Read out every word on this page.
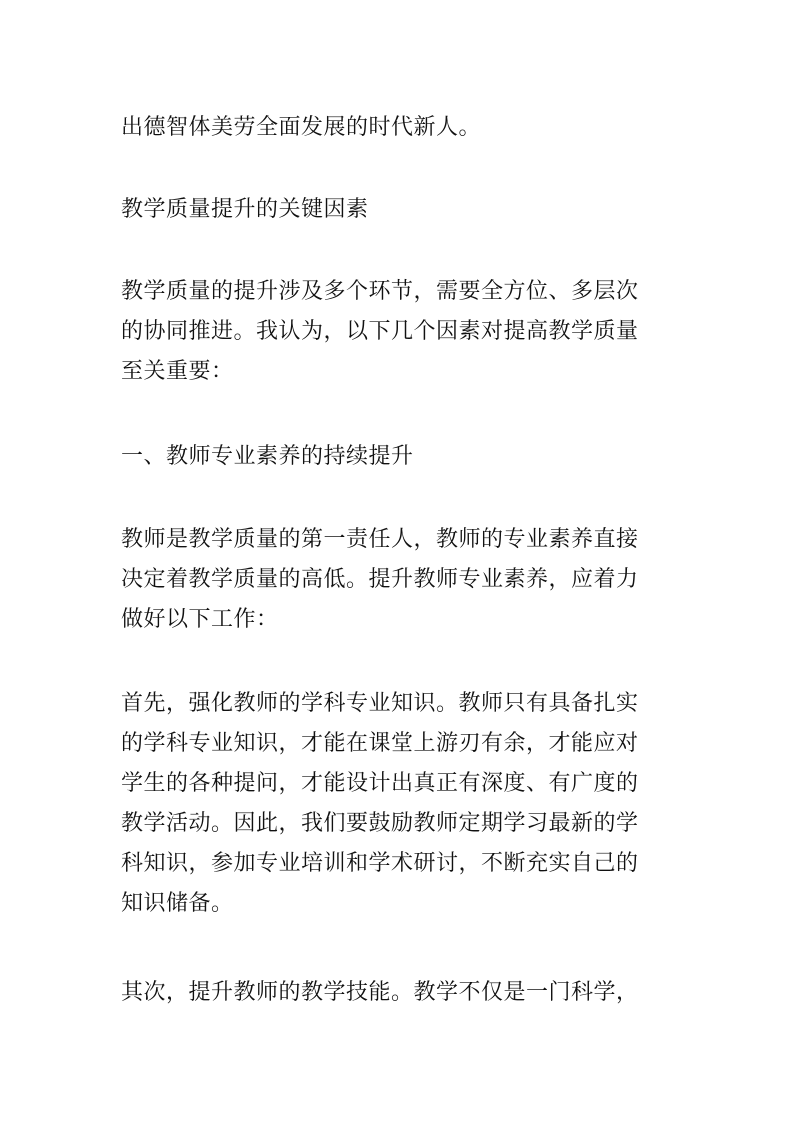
出德智体美劳全面发展的时代新人。

教学质量提升的关键因素

教学质量的提升涉及多个环节，需要全方位、多层次
的协同推进。我认为，以下几个因素对提高教学质量
至关重要：

一、教师专业素养的持续提升

教师是教学质量的第一责任人，教师的专业素养直接
决定着教学质量的高低。提升教师专业素养，应着力
做好以下工作：

首先，强化教师的学科专业知识。教师只有具备扎实
的学科专业知识，才能在课堂上游刃有余，才能应对
学生的各种提问，才能设计出真正有深度、有广度的
教学活动。因此，我们要鼓励教师定期学习最新的学
科知识，参加专业培训和学术研讨，不断充实自己的
知识储备。

其次，提升教师的教学技能。教学不仅是一门科学，
